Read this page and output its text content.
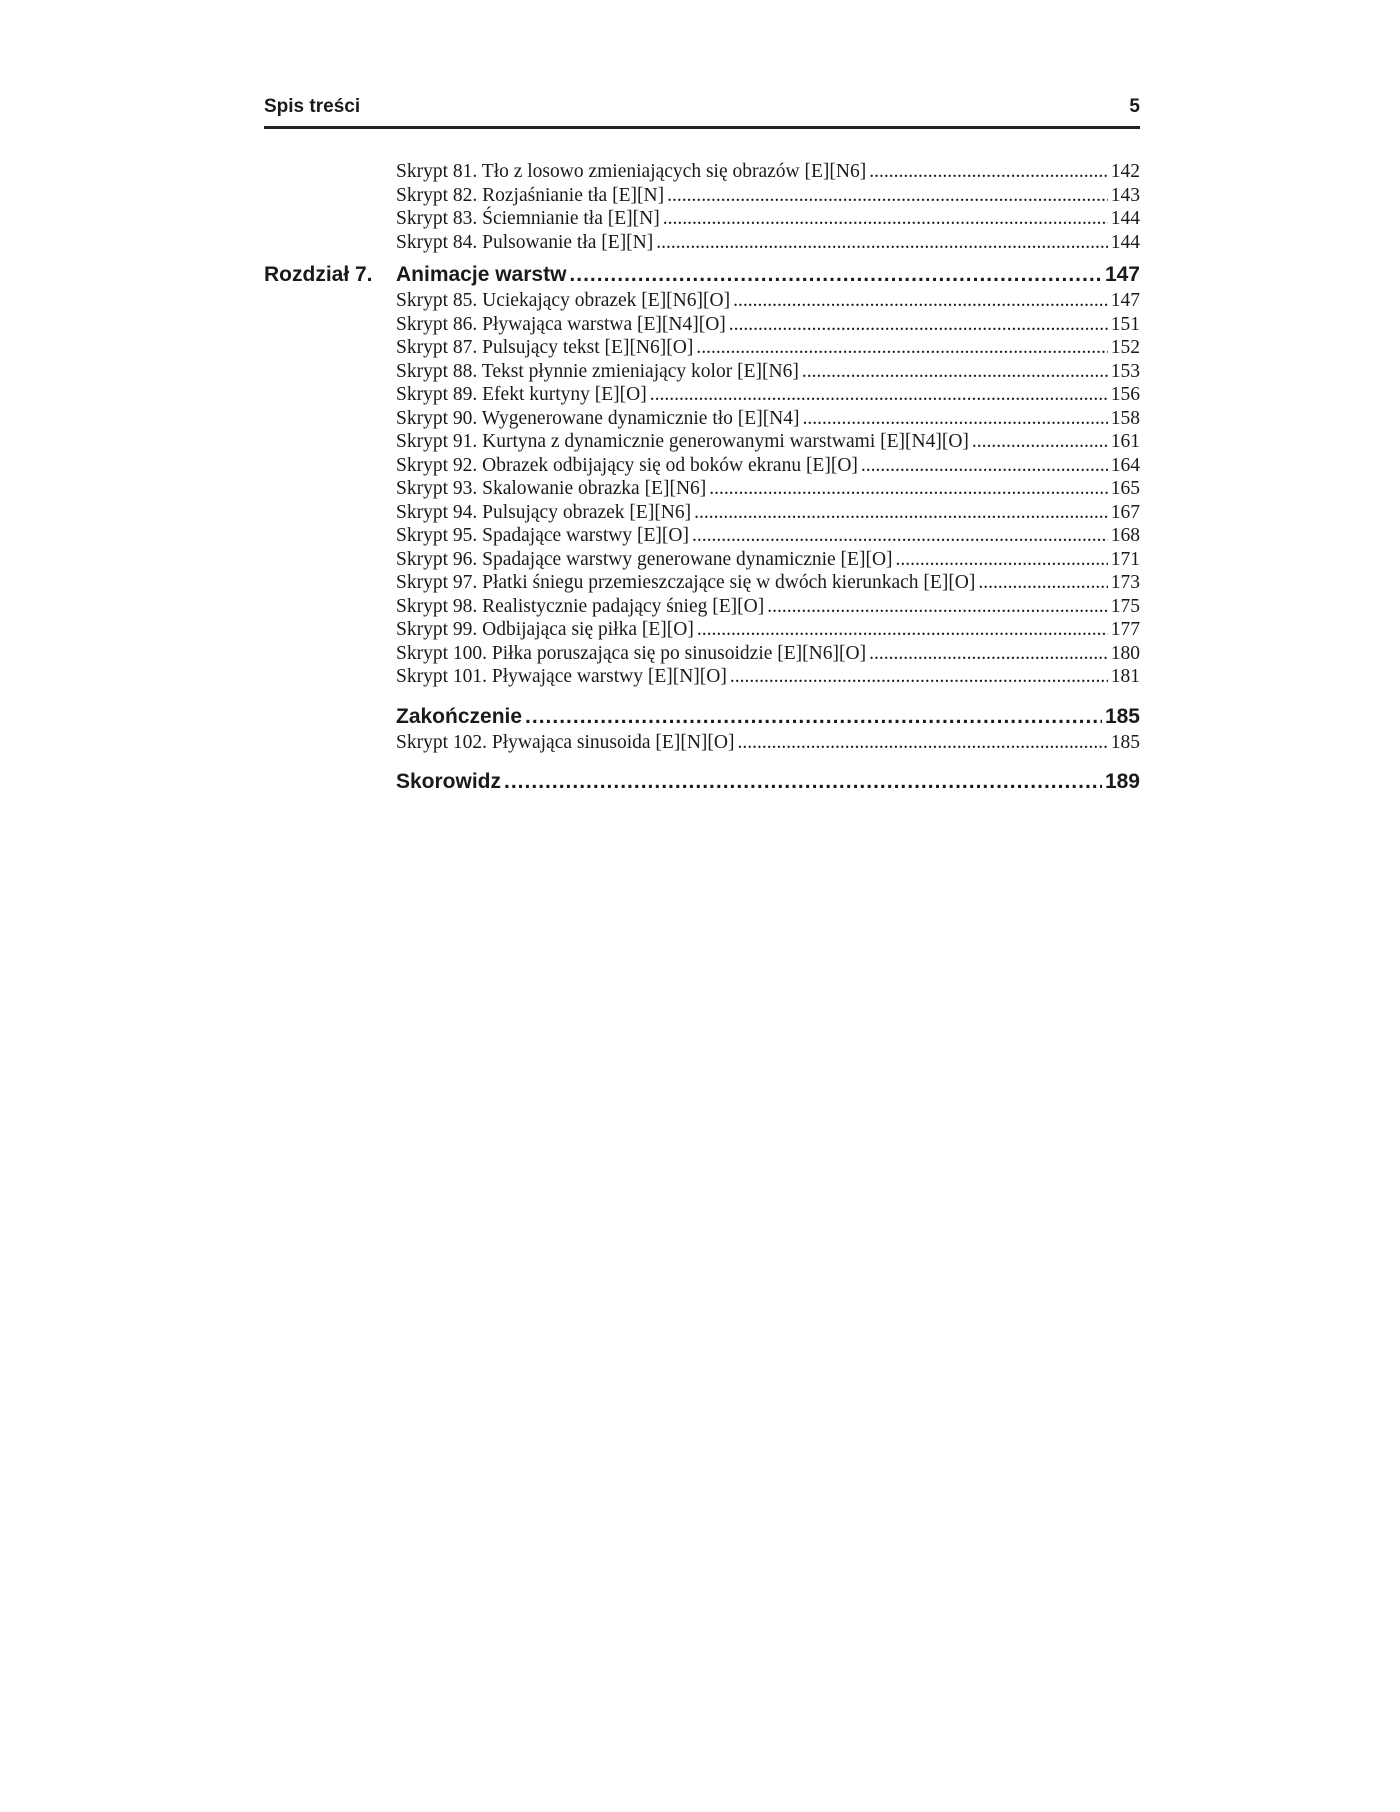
Spis treści	5
Skrypt 81. Tło z losowo zmieniających się obrazów [E][N6] .....	142
Skrypt 82. Rozjaśnianie tła [E][N] .....	143
Skrypt 83. Ściemnianie tła [E][N] .....	144
Skrypt 84. Pulsowanie tła [E][N] .....	144
Rozdział 7.	Animacje warstw .....	147
Skrypt 85. Uciekający obrazek [E][N6][O] .....	147
Skrypt 86. Pływająca warstwa [E][N4][O] .....	151
Skrypt 87. Pulsujący tekst [E][N6][O] .....	152
Skrypt 88. Tekst płynnie zmieniający kolor [E][N6] .....	153
Skrypt 89. Efekt kurtyny [E][O] .....	156
Skrypt 90. Wygenerowane dynamicznie tło [E][N4] .....	158
Skrypt 91. Kurtyna z dynamicznie generowanymi warstwami [E][N4][O] .....	161
Skrypt 92. Obrazek odbijający się od boków ekranu [E][O] .....	164
Skrypt 93. Skalowanie obrazka [E][N6] .....	165
Skrypt 94. Pulsujący obrazek [E][N6] .....	167
Skrypt 95. Spadające warstwy [E][O] .....	168
Skrypt 96. Spadające warstwy generowane dynamicznie [E][O] .....	171
Skrypt 97. Płatki śniegu przemieszczające się w dwóch kierunkach [E][O] .....	173
Skrypt 98. Realistycznie padający śnieg [E][O] .....	175
Skrypt 99. Odbijająca się piłka [E][O] .....	177
Skrypt 100. Piłka poruszająca się po sinusoidzie [E][N6][O] .....	180
Skrypt 101. Pływające warstwy [E][N][O] .....	181
Zakończenie .....	185
Skrypt 102. Pływająca sinusoida [E][N][O] .....	185
Skorowidz .....	189
